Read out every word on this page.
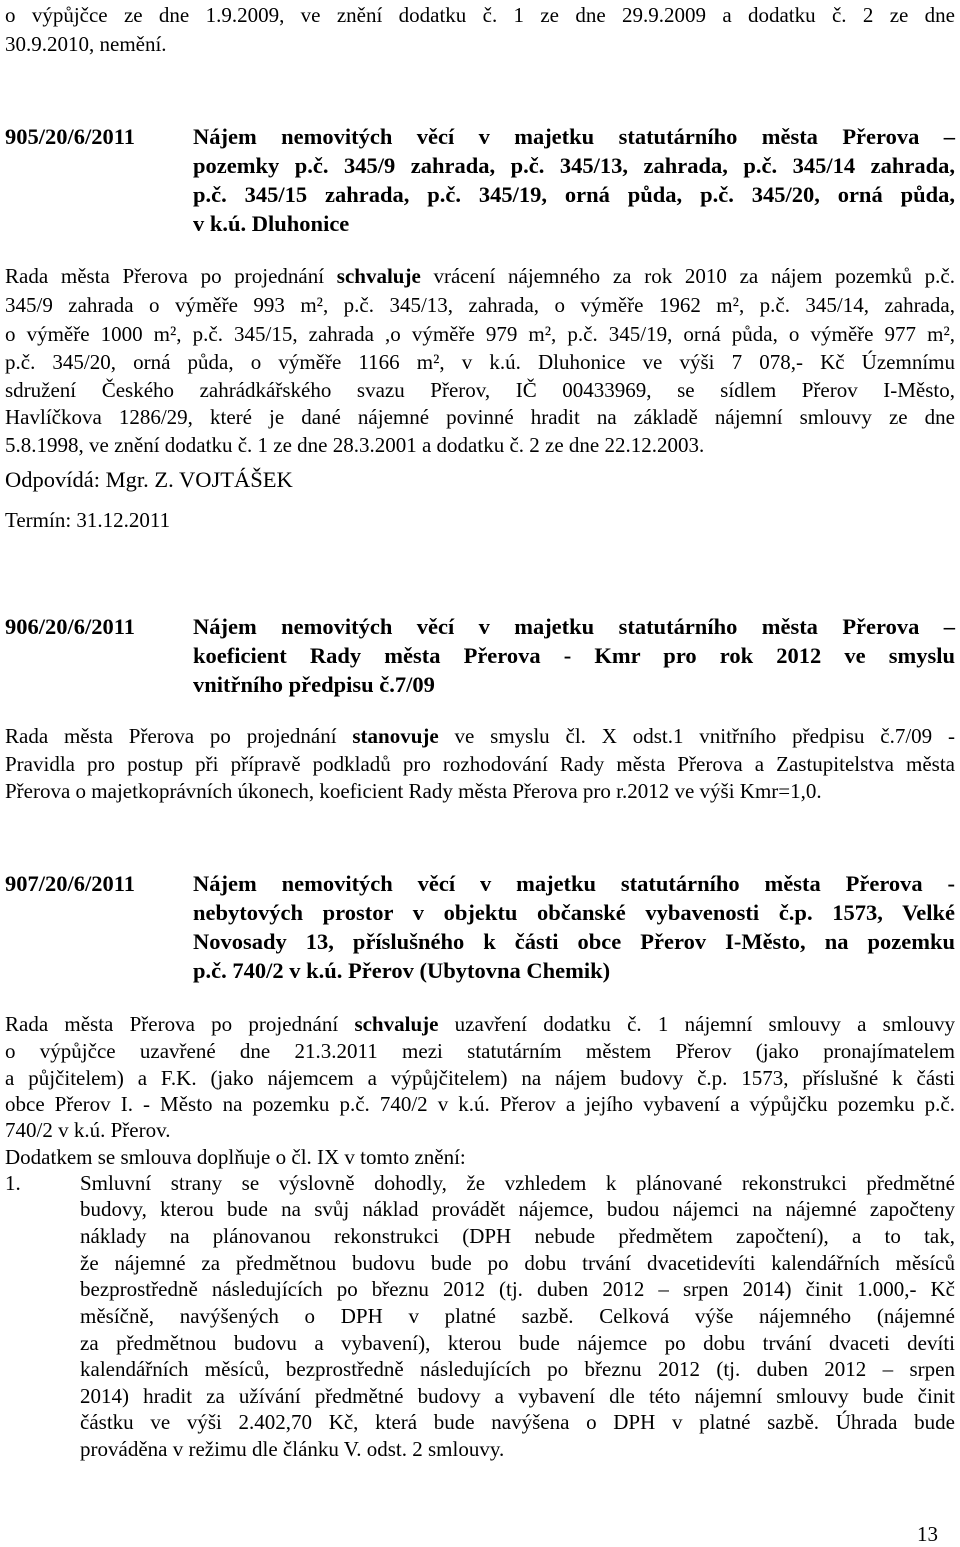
o výpůjčce ze dne 1.9.2009, ve znění dodatku č. 1 ze dne 29.9.2009 a dodatku č. 2 ze dne
30.9.2010, nemění.
905/20/6/2011	Nájem nemovitých věcí v majetku statutárního města Přerova –
pozemky p.č. 345/9 zahrada, p.č. 345/13, zahrada, p.č. 345/14 zahrada,
p.č. 345/15 zahrada, p.č. 345/19, orná půda, p.č. 345/20, orná půda,
v k.ú. Dluhonice
Rada města Přerova po projednání schvaluje vrácení nájemného za rok 2010 za nájem pozemků p.č.
345/9 zahrada o výměře 993 m², p.č. 345/13, zahrada, o výměře 1962 m², p.č. 345/14, zahrada,
o výměře 1000 m², p.č. 345/15, zahrada ,o výměře 979 m², p.č. 345/19, orná půda, o výměře 977 m²,
p.č. 345/20, orná půda, o výměře 1166 m², v k.ú. Dluhonice ve výši 7 078,- Kč Územnímu
sdružení Českého zahrádkářského svazu Přerov, IČ 00433969, se sídlem Přerov I-Město,
Havlíčkova 1286/29, které je dané nájemné povinné hradit na základě nájemní smlouvy ze dne
5.8.1998, ve znění dodatku č. 1 ze dne 28.3.2001 a dodatku č. 2 ze dne 22.12.2003.
Odpovídá: Mgr. Z. VOJTÁŠEK
Termín: 31.12.2011
906/20/6/2011	Nájem nemovitých věcí v majetku statutárního města Přerova –
koeficient Rady města Přerova - Kmr pro rok 2012 ve smyslu
vnitřního předpisu č.7/09
Rada města Přerova po projednání stanovuje ve smyslu čl. X odst.1 vnitřního předpisu č.7/09 -
Pravidla pro postup při přípravě podkladů pro rozhodování Rady města Přerova a Zastupitelstva města
Přerova o majetkoprávních úkonech, koeficient Rady města Přerova pro r.2012 ve výši Kmr=1,0.
907/20/6/2011	Nájem nemovitých věcí v majetku statutárního města Přerova -
nebytových prostor v objektu občanské vybavenosti č.p. 1573, Velké
Novosady 13, příslušného k části obce Přerov I-Město, na pozemku
p.č. 740/2 v k.ú. Přerov (Ubytovna Chemik)
Rada města Přerova po projednání schvaluje uzavření dodatku č. 1 nájemní smlouvy a smlouvy
o výpůjčce uzavřené dne 21.3.2011 mezi statutárním městem Přerov (jako pronajímatelem
a půjčitelem) a F.K. (jako nájemcem a výpůjčitelem) na nájem budovy č.p. 1573, příslušné k části
obce Přerov I. - Město na pozemku p.č. 740/2 v k.ú. Přerov a jejího vybavení a výpůjčku pozemku p.č.
740/2 v k.ú. Přerov.
Dodatkem se smlouva doplňuje o čl. IX v tomto znění:
1.	Smluvní strany se výslovně dohodly, že vzhledem k plánované rekonstrukci předmětné
budovy, kterou bude na svůj náklad provádět nájemce, budou nájemci na nájemné započteny
náklady na plánovanou rekonstrukci (DPH nebude předmětem započtení), a to tak,
že nájemné za předmětnou budovu bude po dobu trvání dvacetidevíti kalendářních měsíců
bezprostředně následujících po březnu 2012 (tj. duben 2012 – srpen 2014) činit 1.000,- Kč
měsíčně, navýšených o DPH v platné sazbě. Celková výše nájemného (nájemné
za předmětnou budovu a vybavení), kterou bude nájemce po dobu trvání dvaceti devíti
kalendářních měsíců, bezprostředně následujících po březnu 2012 (tj. duben 2012 – srpen
2014) hradit za užívání předmětné budovy a vybavení dle této nájemní smlouvy bude činit
částku ve výši 2.402,70 Kč, která bude navýšena o DPH v platné sazbě. Úhrada bude
prováděna v režimu dle článku V. odst. 2 smlouvy.
13
